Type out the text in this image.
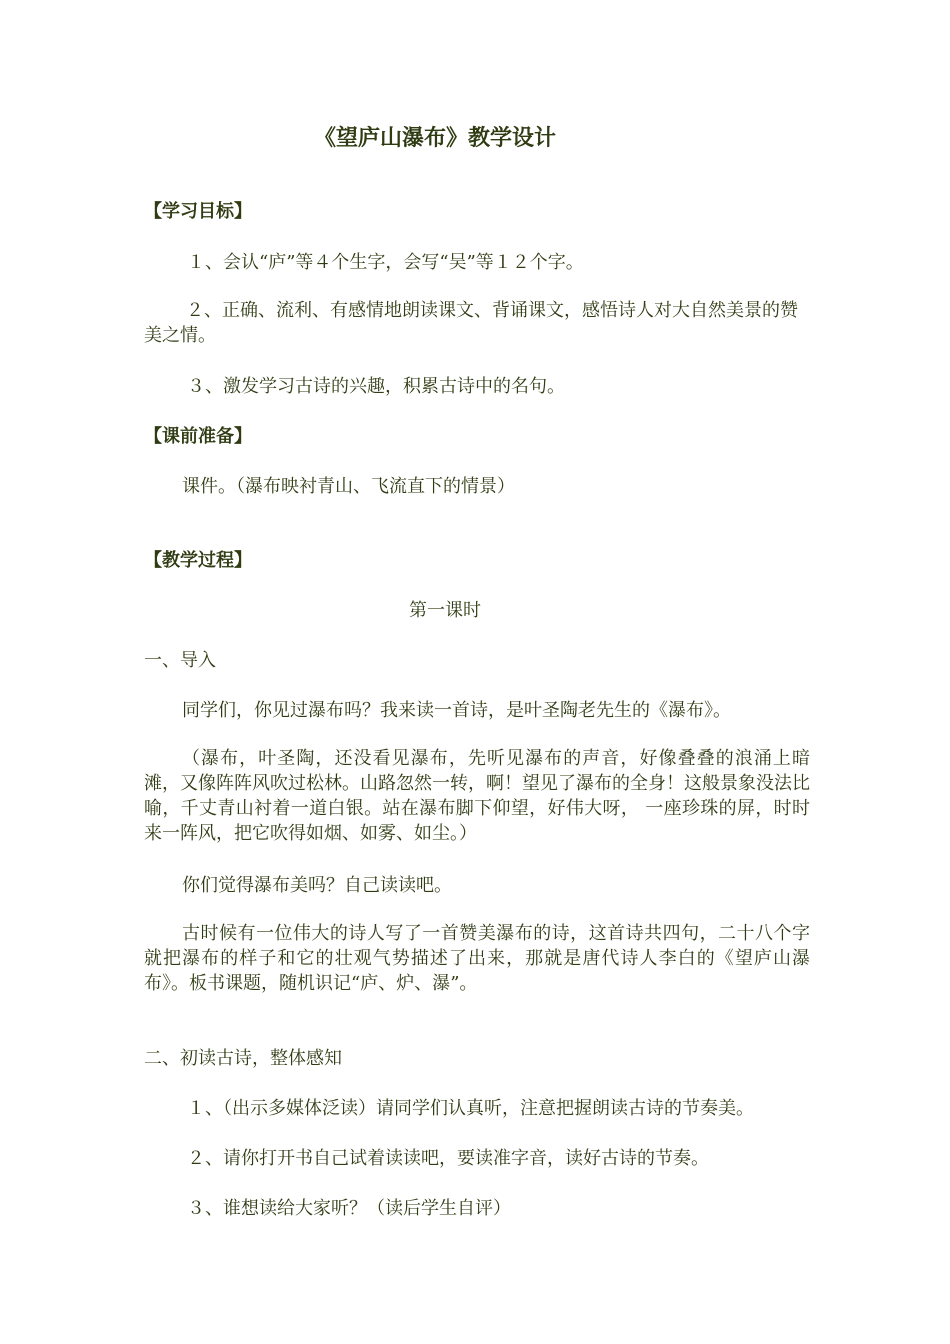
《望庐山瀑布》教学设计
【学习目标】
１、会认“庐”等４个生字，会写“吴”等１２个字。
２、正确、流利、有感情地朗读课文、背诵课文，感悟诗人对大自然美景的赞美之情。
３、激发学习古诗的兴趣，积累古诗中的名句。
【课前准备】
课件。（瀑布映衬青山、飞流直下的情景）
【教学过程】
第一课时
一、导入
同学们，你见过瀑布吗？我来读一首诗，是叶圣陶老先生的《瀑布》。
（瀑布，叶圣陶，还没看见瀑布，先听见瀑布的声音，好像叠叠的浪涌上暗滩，又像阵阵风吹过松林。山路忽然一转，啊！望见了瀑布的全身！这般景象没法比喻，千丈青山衬着一道白银。站在瀑布脚下仰望，好伟大呀， 一座珍珠的屏，时时来一阵风，把它吹得如烟、如雾、如尘。）
你们觉得瀑布美吗？自己读读吧。
古时候有一位伟大的诗人写了一首赞美瀑布的诗，这首诗共四句，二十八个字就把瀑布的样子和它的壮观气势描述了出来，那就是唐代诗人李白的《望庐山瀑布》。板书课题，随机识记“庐、炉、瀑”。
二、初读古诗，整体感知
１、（出示多媒体泛读）请同学们认真听，注意把握朗读古诗的节奏美。
２、请你打开书自己试着读读吧，要读准字音，读好古诗的节奏。
３、谁想读给大家听？（读后学生自评）
